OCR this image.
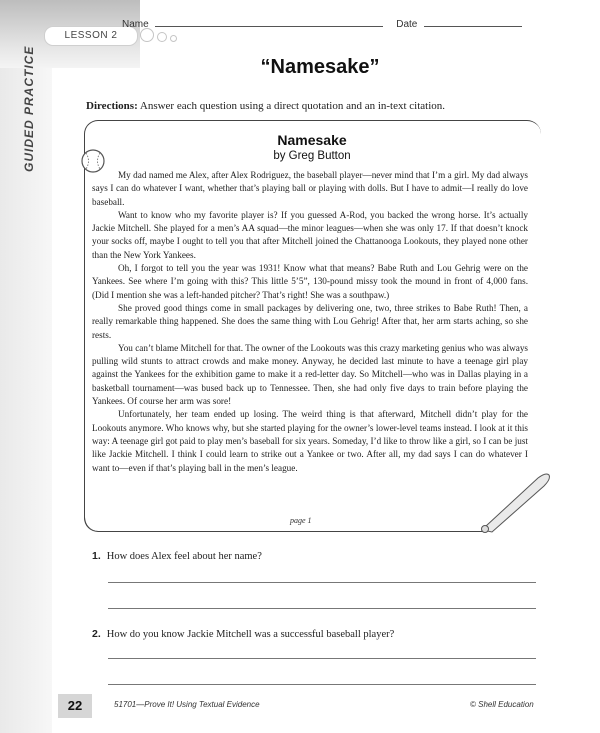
LESSON 2
GUIDED PRACTICE
Name	Date
“Namesake”
Directions: Answer each question using a direct quotation and an in-text citation.
Namesake
by Greg Button

My dad named me Alex, after Alex Rodriguez, the baseball player—never mind that I’m a girl. My dad always says I can do whatever I want, whether that’s playing ball or playing with dolls. But I have to admit—I really do love baseball.

Want to know who my favorite player is? If you guessed A-Rod, you backed the wrong horse. It’s actually Jackie Mitchell. She played for a men’s AA squad—the minor leagues—when she was only 17. If that doesn’t knock your socks off, maybe I ought to tell you that after Mitchell joined the Chattanooga Lookouts, they played none other than the New York Yankees.

Oh, I forgot to tell you the year was 1931! Know what that means? Babe Ruth and Lou Gehrig were on the Yankees. See where I’m going with this? This little 5’5”, 130-pound missy took the mound in front of 4,000 fans. (Did I mention she was a left-handed pitcher? That’s right! She was a southpaw.)

She proved good things come in small packages by delivering one, two, three strikes to Babe Ruth! Then, a really remarkable thing happened. She does the same thing with Lou Gehrig! After that, her arm starts aching, so she rests.

You can’t blame Mitchell for that. The owner of the Lookouts was this crazy marketing genius who was always pulling wild stunts to attract crowds and make money. Anyway, he decided last minute to have a teenage girl play against the Yankees for the exhibition game to make it a red-letter day. So Mitchell—who was in Dallas playing in a basketball tournament—was bused back up to Tennessee. Then, she had only five days to train before playing the Yankees. Of course her arm was sore!

Unfortunately, her team ended up losing. The weird thing is that afterward, Mitchell didn’t play for the Lookouts anymore. Who knows why, but she started playing for the owner’s lower-level teams instead. I look at it this way: A teenage girl got paid to play men’s baseball for six years. Someday, I’d like to throw like a girl, so I can be just like Jackie Mitchell. I think I could learn to strike out a Yankee or two. After all, my dad says I can do whatever I want to—even if that’s playing ball in the men’s league.

page 1
1. How does Alex feel about her name?
2. How do you know Jackie Mitchell was a successful baseball player?
22	51701—Prove It! Using Textual Evidence	© Shell Education
